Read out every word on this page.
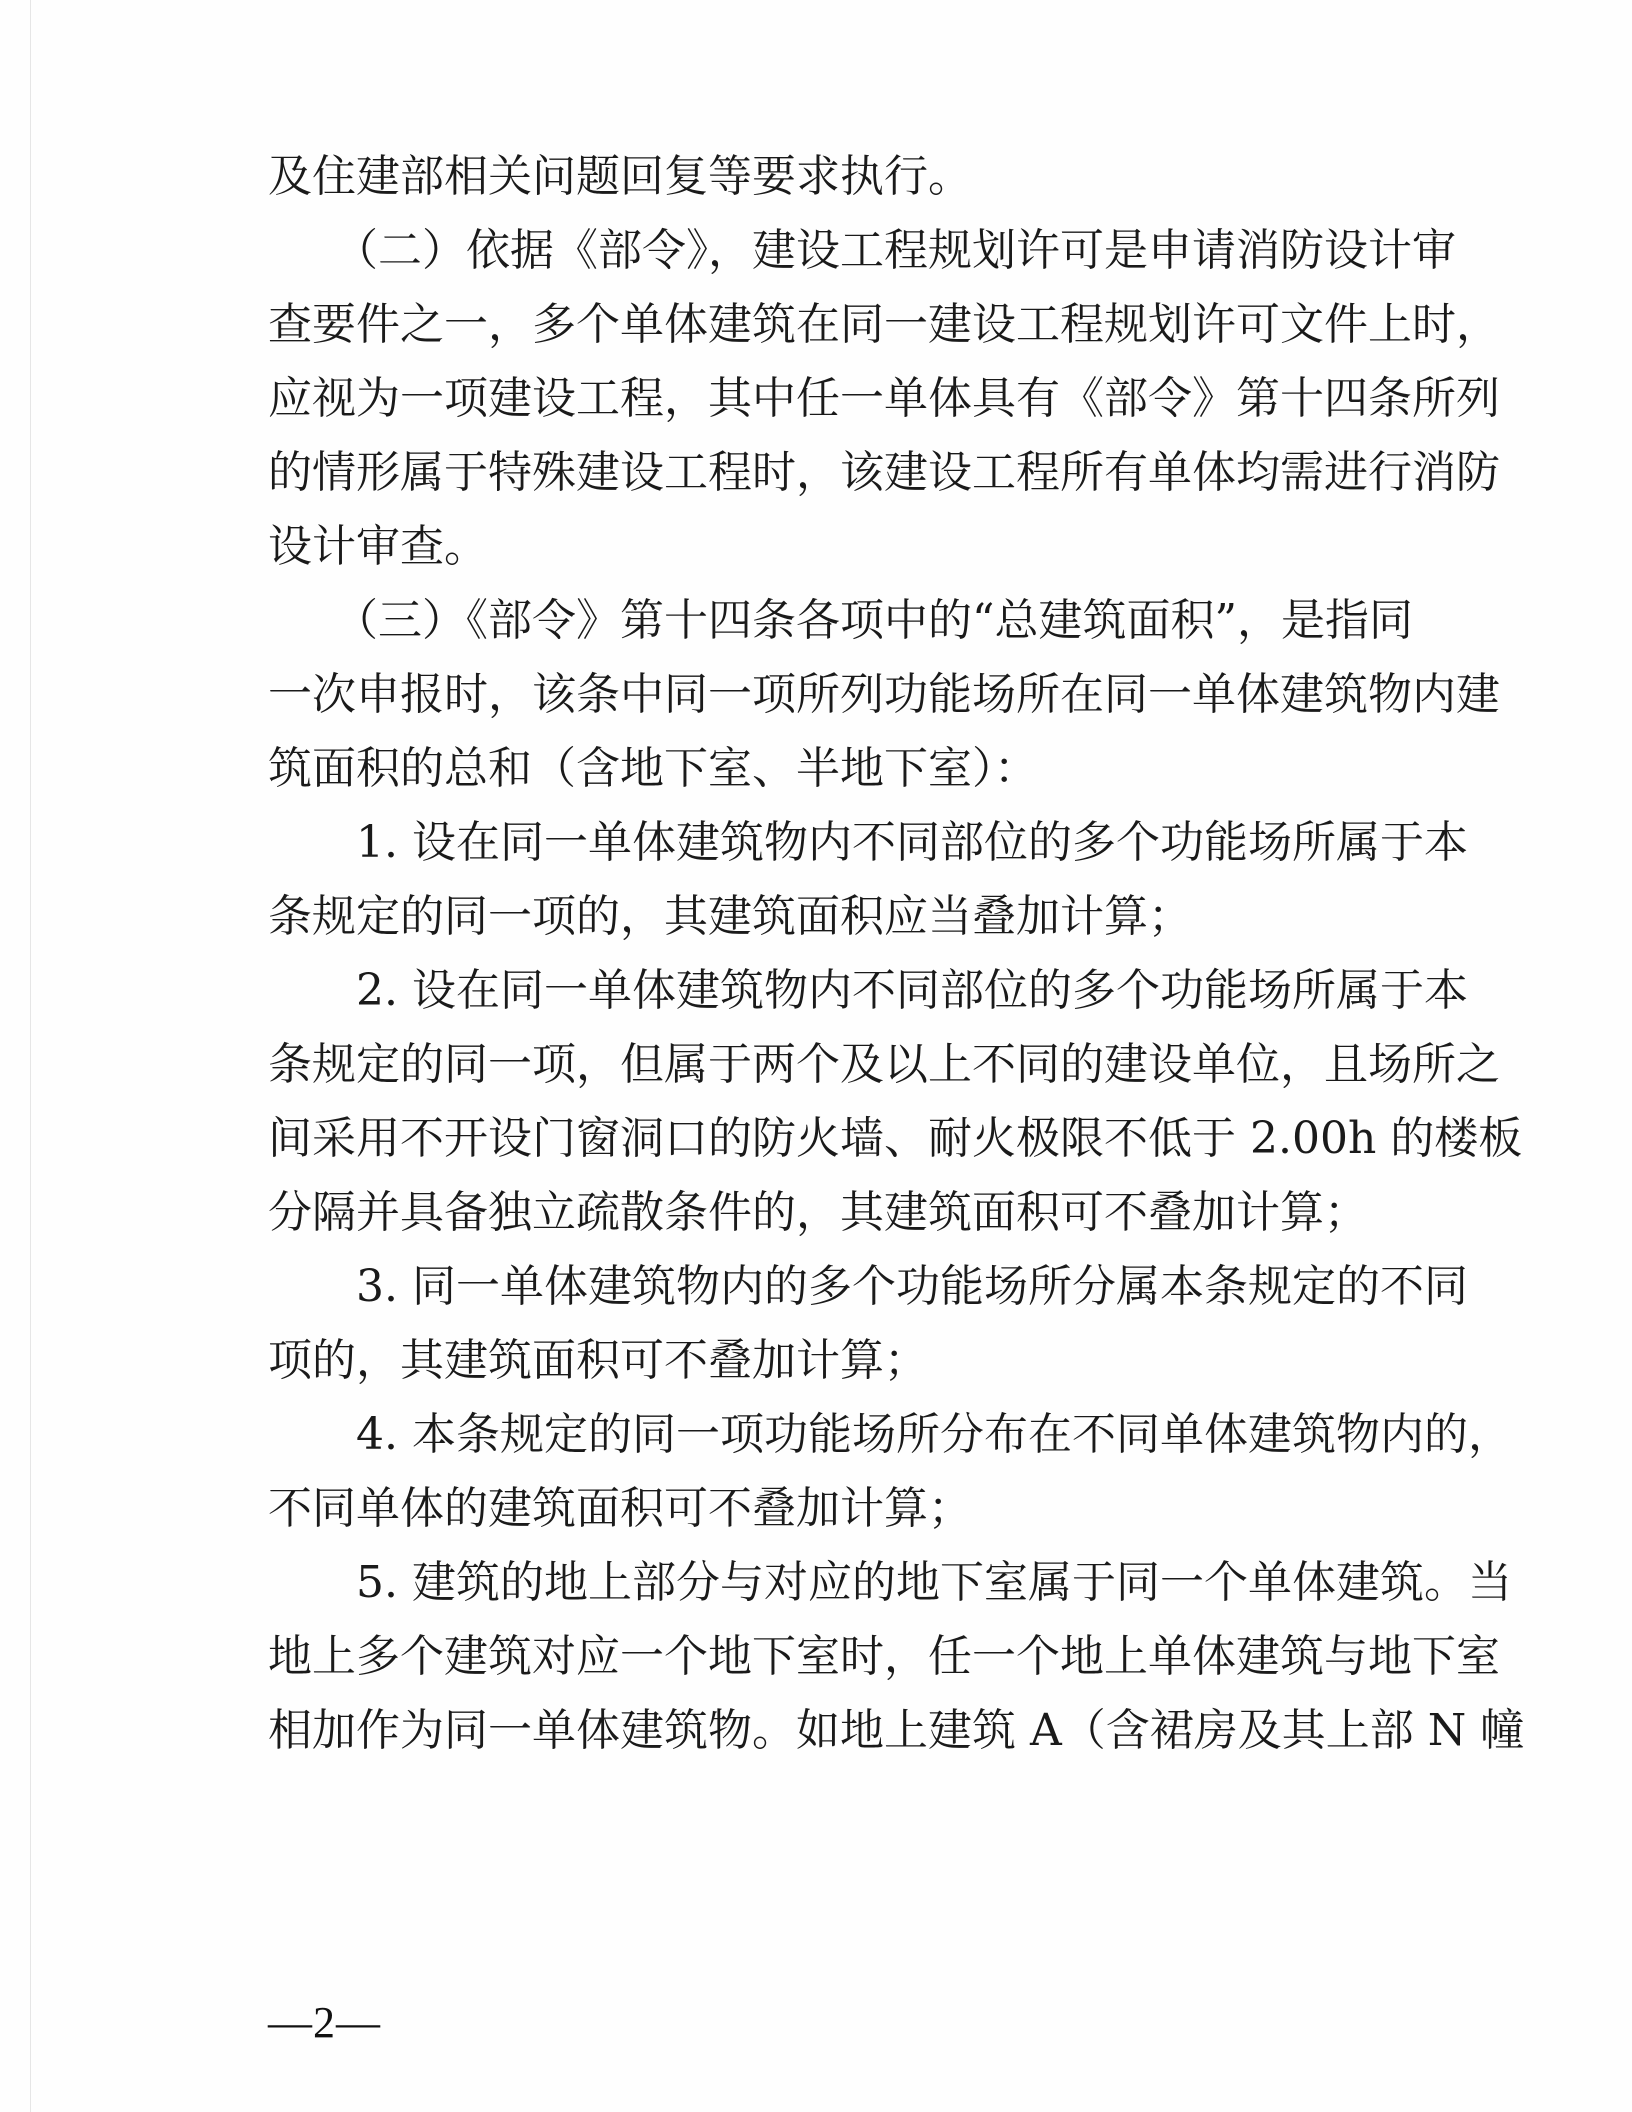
及住建部相关问题回复等要求执行。

　　（二）依据《部令》，建设工程规划许可是申请消防设计审

查要件之一，多个单体建筑在同一建设工程规划许可文件上时，

应视为一项建设工程，其中任一单体具有《部令》第十四条所列

的情形属于特殊建设工程时，该建设工程所有单体均需进行消防

设计审查。

　　（三）《部令》第十四条各项中的“总建筑面积”，是指同

一次申报时，该条中同一项所列功能场所在同一单体建筑物内建

筑面积的总和（含地下室、半地下室）：

　　1. 设在同一单体建筑物内不同部位的多个功能场所属于本

条规定的同一项的，其建筑面积应当叠加计算；

　　2. 设在同一单体建筑物内不同部位的多个功能场所属于本

条规定的同一项，但属于两个及以上不同的建设单位，且场所之

间采用不开设门窗洞口的防火墙、耐火极限不低于 2.00h 的楼板

分隔并具备独立疏散条件的，其建筑面积可不叠加计算；

　　3. 同一单体建筑物内的多个功能场所分属本条规定的不同

项的，其建筑面积可不叠加计算；

　　4. 本条规定的同一项功能场所分布在不同单体建筑物内的，

不同单体的建筑面积可不叠加计算；

　　5. 建筑的地上部分与对应的地下室属于同一个单体建筑。当

地上多个建筑对应一个地下室时，任一个地上单体建筑与地下室

相加作为同一单体建筑物。如地上建筑 A（含裙房及其上部 N 幢

—2—
